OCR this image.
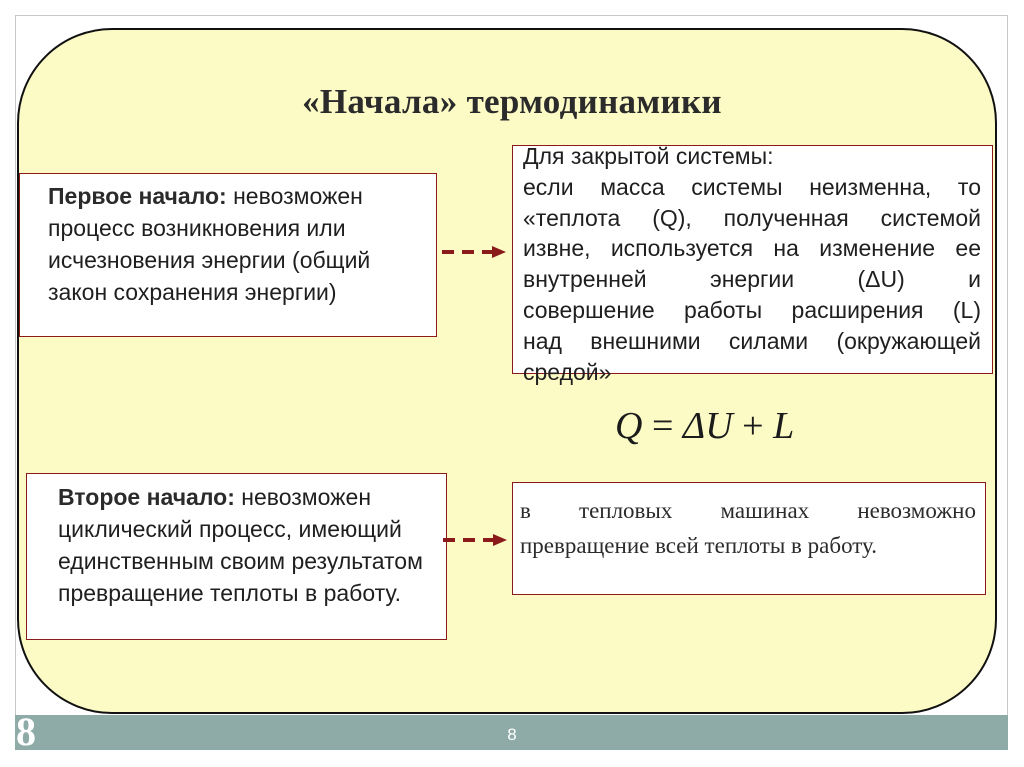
«Начала» термодинамики
Первое начало: невозможен процесс возникновения или исчезновения энергии (общий закон сохранения энергии)
Для закрытой системы:
если масса системы неизменна, то
«теплота (Q), полученная системой
извне, используется на изменение ее
внутренней энергии (ΔU) и
совершение работы расширения (L)
над внешними силами (окружающей
средой»
Q = ΔU + L
Второе начало: невозможен циклический процесс, имеющий единственным своим результатом превращение теплоты в работу.
в тепловых машинах невозможно
превращение всей теплоты в работу.
8	8
